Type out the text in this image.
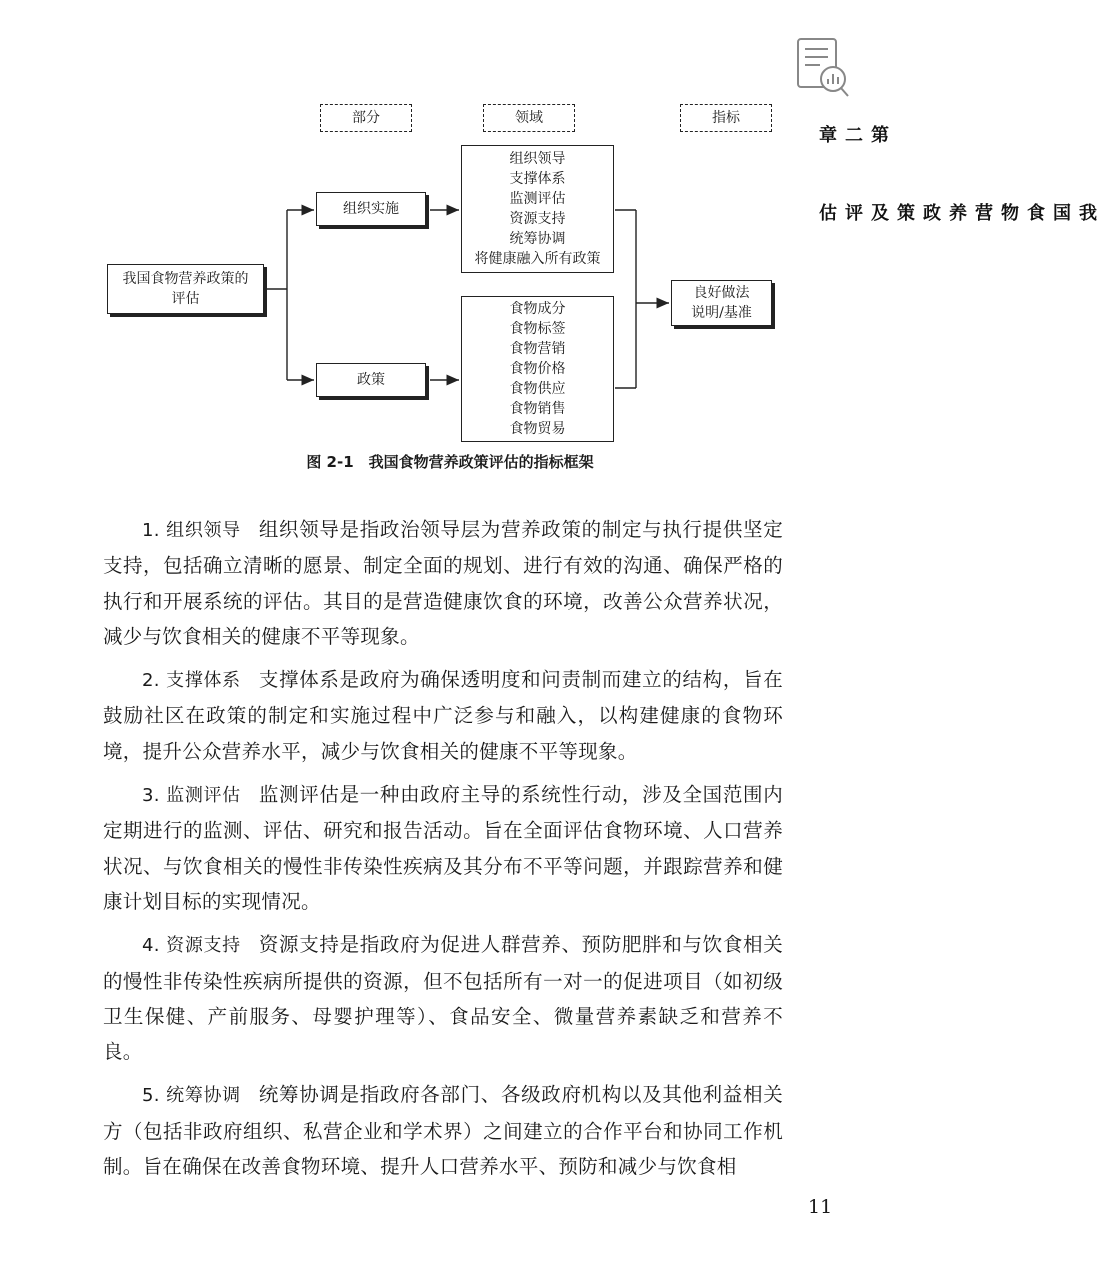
部分	领域	指标
我国食物营养政策的
评估
组织实施
政策
组织领导
支撑体系
监测评估
资源支持
统筹协调
将健康融入所有政策
食物成分
食物标签
食物营销
食物价格
食物供应
食物销售
食物贸易
良好做法
说明/基准
图 2-1　我国食物营养政策评估的指标框架

1. 组织领导 组织领导是指政治领导层为营养政策的制定与执行提供坚定支持，包括确立清晰的愿景、制定全面的规划、进行有效的沟通、确保严格的执行和开展系统的评估。其目的是营造健康饮食的环境，改善公众营养状况，减少与饮食相关的健康不平等现象。

2. 支撑体系 支撑体系是政府为确保透明度和问责制而建立的结构，旨在鼓励社区在政策的制定和实施过程中广泛参与和融入，以构建健康的食物环境，提升公众营养水平，减少与饮食相关的健康不平等现象。

3. 监测评估 监测评估是一种由政府主导的系统性行动，涉及全国范围内定期进行的监测、评估、研究和报告活动。旨在全面评估食物环境、人口营养状况、与饮食相关的慢性非传染性疾病及其分布不平等问题，并跟踪营养和健康计划目标的实现情况。

4. 资源支持 资源支持是指政府为促进人群营养、预防肥胖和与饮食相关的慢性非传染性疾病所提供的资源，但不包括所有一对一的促进项目（如初级卫生保健、产前服务、母婴护理等）、食品安全、微量营养素缺乏和营养不良。

5. 统筹协调 统筹协调是指政府各部门、各级政府机构以及其他利益相关方（包括非政府组织、私营企业和学术界）之间建立的合作平台和协同工作机制。旨在确保在改善食物环境、提升人口营养水平、预防和减少与饮食相

第二章
我国食物营养政策及评估
11
